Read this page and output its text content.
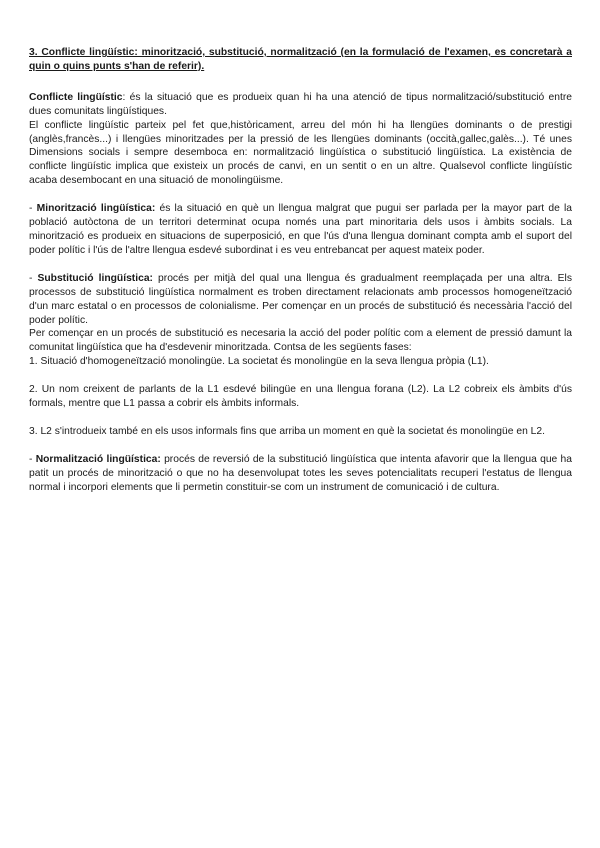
3. Conflicte lingüístic: minorització, substitució, normalització (en la formulació de l'examen, es concretarà a quin o quins punts s'han de referir).

Conflicte lingüístic: és la situació que es produeix quan hi ha una atenció de tipus normalització/substitució entre dues comunitats lingüístiques.

El conflicte lingüístic parteix pel fet que,històricament, arreu del món hi ha llengües dominants o de prestigi (anglès,francès...) i llengües minoritzades per la pressió de les llengües dominants (occità,gallec,galès...). Té unes Dimensions socials i sempre desemboca en: normalització lingüística o substitució lingüística. La existència de conflicte lingüístic implica que existeix un procés de canvi, en un sentit o en un altre. Qualsevol conflicte lingüístic acaba desembocant en una situació de monolingüisme.

- Minorització lingüística: és la situació en què un llengua malgrat que pugui ser parlada per la mayor part de la població autòctona de un territori determinat ocupa només una part minoritaria dels usos i àmbits socials. La minorització es produeix en situacions de superposició, en que l'ús d'una llengua dominant compta amb el suport del poder polític i l'ús de l'altre llengua esdevé subordinat i es veu entrebancat per aquest mateix poder.

- Substitució lingüística: procés per mitjà del qual una llengua és gradualment reemplaçada per una altra. Els processos de substitució lingüística normalment es troben directament relacionats amb processos homogeneïtzació d'un marc estatal o en processos de colonialisme. Per començar en un procés de substitució és necessària l'acció del poder polític.

Per començar en un procés de substitució es necesaria la acció del poder polític com a element de pressió damunt la comunitat lingüística que ha d'esdevenir minoritzada. Contsa de les següents fases:

1. Situació d'homogeneïtzació monolingüe. La societat és monolingüe en la seva llengua pròpia (L1).

2. Un nom creixent de parlants de la L1 esdevé bilingüe en una llengua forana (L2). La L2 cobreix els àmbits d'ús formals, mentre que L1 passa a cobrir els àmbits informals.

3. L2 s'introdueix també en els usos informals fins que arriba un moment en què la societat és monolingüe en L2.

- Normalització lingüística: procés de reversió de la substitució lingüística que intenta afavorir que la llengua que ha patit un procés de minorització o que no ha desenvolupat totes les seves potencialitats recuperi l'estatus de llengua normal i incorpori elements que li permetin constituir-se com un instrument de comunicació i de cultura.
